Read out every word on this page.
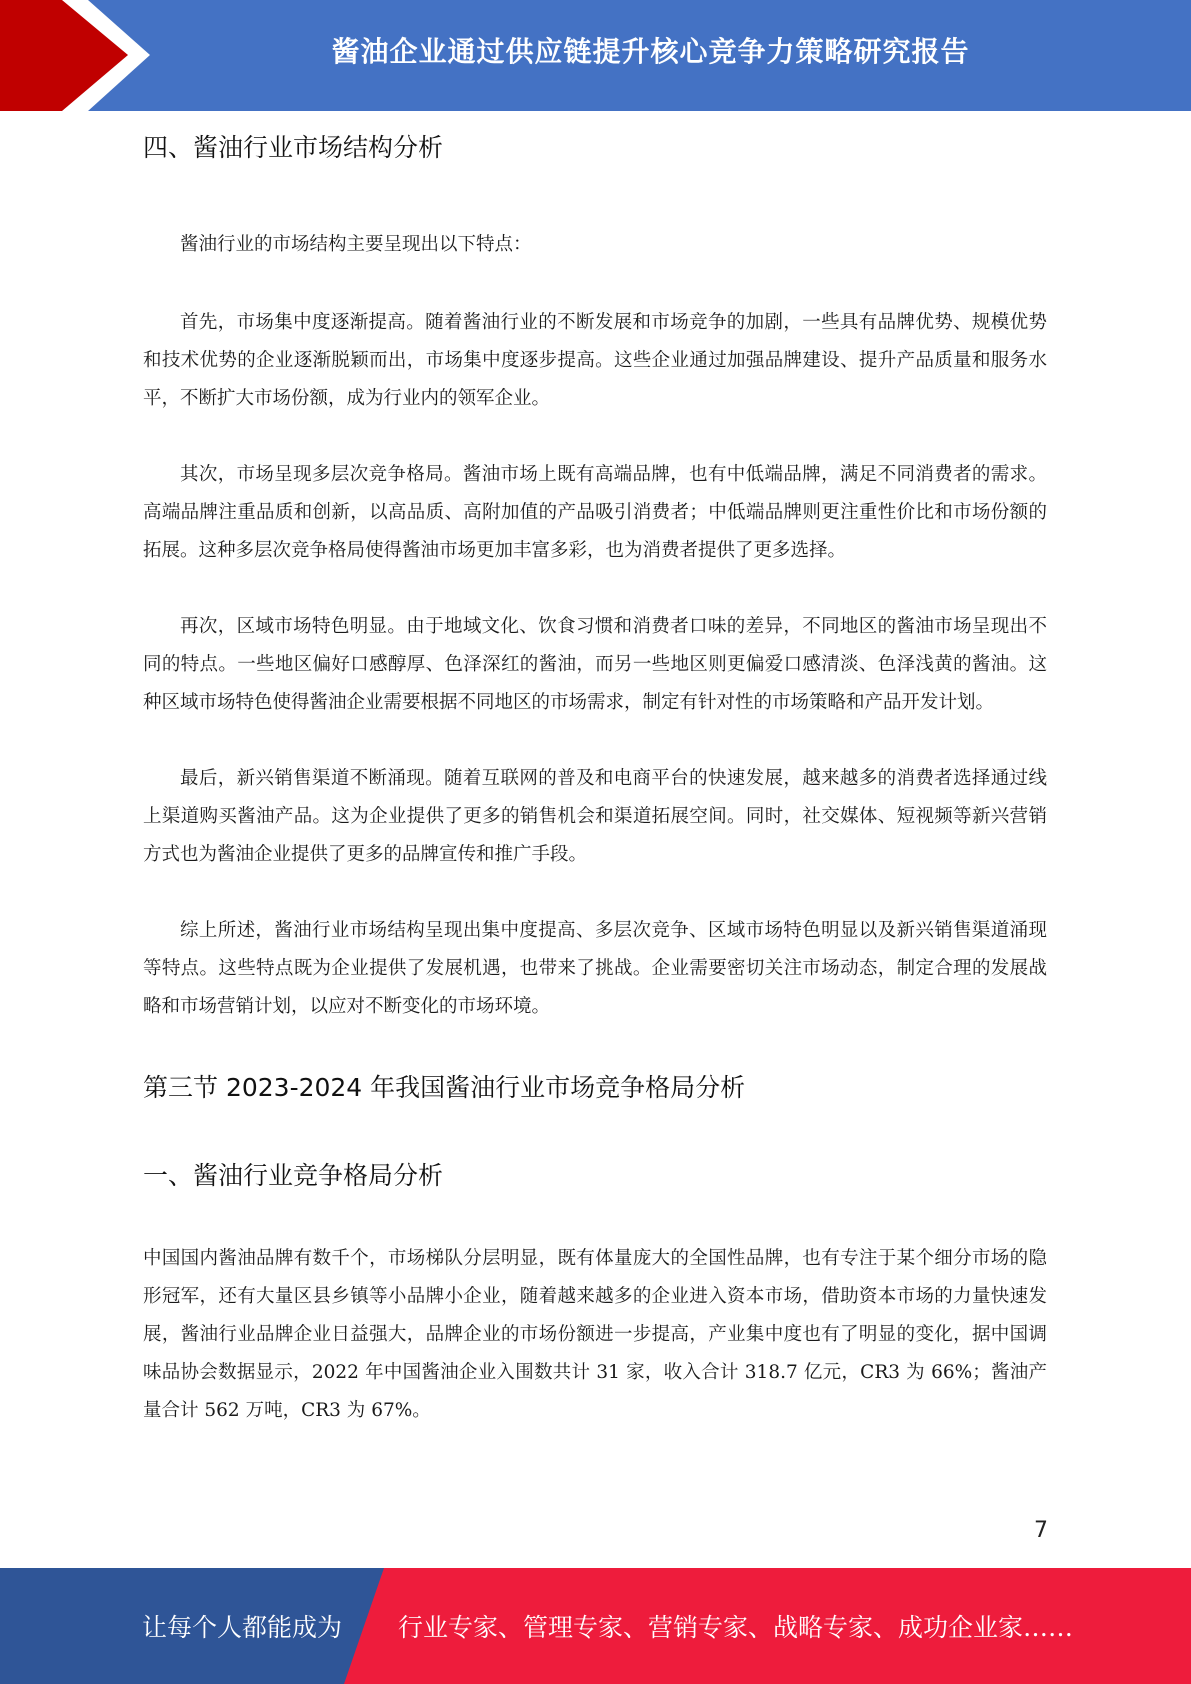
酱油企业通过供应链提升核心竞争力策略研究报告
四、酱油行业市场结构分析

酱油行业的市场结构主要呈现出以下特点：

首先，市场集中度逐渐提高。随着酱油行业的不断发展和市场竞争的加剧，一些具有品牌优势、规模优势和技术优势的企业逐渐脱颖而出，市场集中度逐步提高。这些企业通过加强品牌建设、提升产品质量和服务水平，不断扩大市场份额，成为行业内的领军企业。

其次，市场呈现多层次竞争格局。酱油市场上既有高端品牌，也有中低端品牌，满足不同消费者的需求。高端品牌注重品质和创新，以高品质、高附加值的产品吸引消费者；中低端品牌则更注重性价比和市场份额的拓展。这种多层次竞争格局使得酱油市场更加丰富多彩，也为消费者提供了更多选择。

再次，区域市场特色明显。由于地域文化、饮食习惯和消费者口味的差异，不同地区的酱油市场呈现出不同的特点。一些地区偏好口感醇厚、色泽深红的酱油，而另一些地区则更偏爱口感清淡、色泽浅黄的酱油。这种区域市场特色使得酱油企业需要根据不同地区的市场需求，制定有针对性的市场策略和产品开发计划。

最后，新兴销售渠道不断涌现。随着互联网的普及和电商平台的快速发展，越来越多的消费者选择通过线上渠道购买酱油产品。这为企业提供了更多的销售机会和渠道拓展空间。同时，社交媒体、短视频等新兴营销方式也为酱油企业提供了更多的品牌宣传和推广手段。

综上所述，酱油行业市场结构呈现出集中度提高、多层次竞争、区域市场特色明显以及新兴销售渠道涌现等特点。这些特点既为企业提供了发展机遇，也带来了挑战。企业需要密切关注市场动态，制定合理的发展战略和市场营销计划，以应对不断变化的市场环境。

第三节 2023-2024 年我国酱油行业市场竞争格局分析
一、酱油行业竞争格局分析

中国国内酱油品牌有数千个，市场梯队分层明显，既有体量庞大的全国性品牌，也有专注于某个细分市场的隐形冠军，还有大量区县乡镇等小品牌小企业，随着越来越多的企业进入资本市场，借助资本市场的力量快速发展，酱油行业品牌企业日益强大，品牌企业的市场份额进一步提高，产业集中度也有了明显的变化，据中国调味品协会数据显示，2022 年中国酱油企业入围数共计 31 家，收入合计 318.7 亿元，CR3 为 66%；酱油产量合计 562 万吨，CR3 为 67%。

7
让每个人都能成为 行业专家、管理专家、营销专家、战略专家、成功企业家……
